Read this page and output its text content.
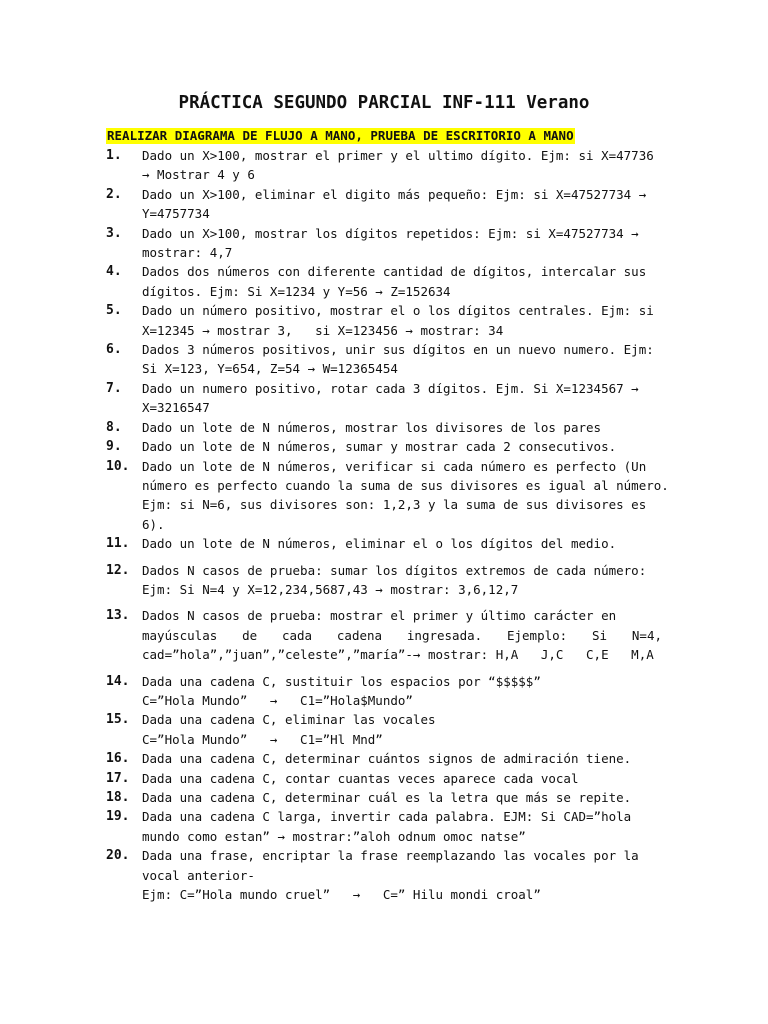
PRÁCTICA SEGUNDO PARCIAL INF-111 Verano
REALIZAR DIAGRAMA DE FLUJO A MANO, PRUEBA DE ESCRITORIO A MANO
1. Dado un X>100, mostrar el primer y el ultimo dígito. Ejm: si X=47736
→ Mostrar 4 y 6
2. Dado un X>100, eliminar el digito más pequeño: Ejm: si X=47527734 →
Y=4757734
3. Dado un X>100, mostrar los dígitos repetidos: Ejm: si X=47527734 →
mostrar: 4,7
4. Dados dos números con diferente cantidad de dígitos, intercalar sus
dígitos. Ejm: Si X=1234 y Y=56 → Z=152634
5. Dado un número positivo, mostrar el o los dígitos centrales. Ejm: si
X=12345 → mostrar 3,   si X=123456 → mostrar: 34
6. Dados 3 números positivos, unir sus dígitos en un nuevo numero. Ejm:
Si X=123, Y=654, Z=54 → W=12365454
7. Dado un numero positivo, rotar cada 3 dígitos. Ejm. Si X=1234567 →
X=3216547
8. Dado un lote de N números, mostrar los divisores de los pares
9. Dado un lote de N números, sumar y mostrar cada 2 consecutivos.
10. Dado un lote de N números, verificar si cada número es perfecto (Un
número es perfecto cuando la suma de sus divisores es igual al número.
Ejm: si N=6, sus divisores son: 1,2,3 y la suma de sus divisores es
6).
11. Dado un lote de N números, eliminar el o los dígitos del medio.
12. Dados N casos de prueba: sumar los dígitos extremos de cada número:
Ejm: Si N=4 y X=12,234,5687,43 → mostrar: 3,6,12,7
13. Dados N casos de prueba: mostrar el primer y último carácter en
mayúsculas de cada cadena ingresada. Ejemplo: Si N=4,
cad=”hola”,”juan”,”celeste”,”maría”-→ mostrar: H,A   J,C   C,E   M,A
14. Dada una cadena C, sustituir los espacios por “$$$$$”
C=”Hola Mundo”   →   C1=”Hola$Mundo”
15. Dada una cadena C, eliminar las vocales
C=”Hola Mundo”   →   C1=”Hl Mnd”
16. Dada una cadena C, determinar cuántos signos de admiración tiene.
17. Dada una cadena C, contar cuantas veces aparece cada vocal
18. Dada una cadena C, determinar cuál es la letra que más se repite.
19. Dada una cadena C larga, invertir cada palabra. EJM: Si CAD=”hola
mundo como estan” → mostrar:”aloh odnum omoc natse”
20. Dada una frase, encriptar la frase reemplazando las vocales por la
vocal anterior-
Ejm: C=”Hola mundo cruel”   →   C=” Hilu mondi croal”
